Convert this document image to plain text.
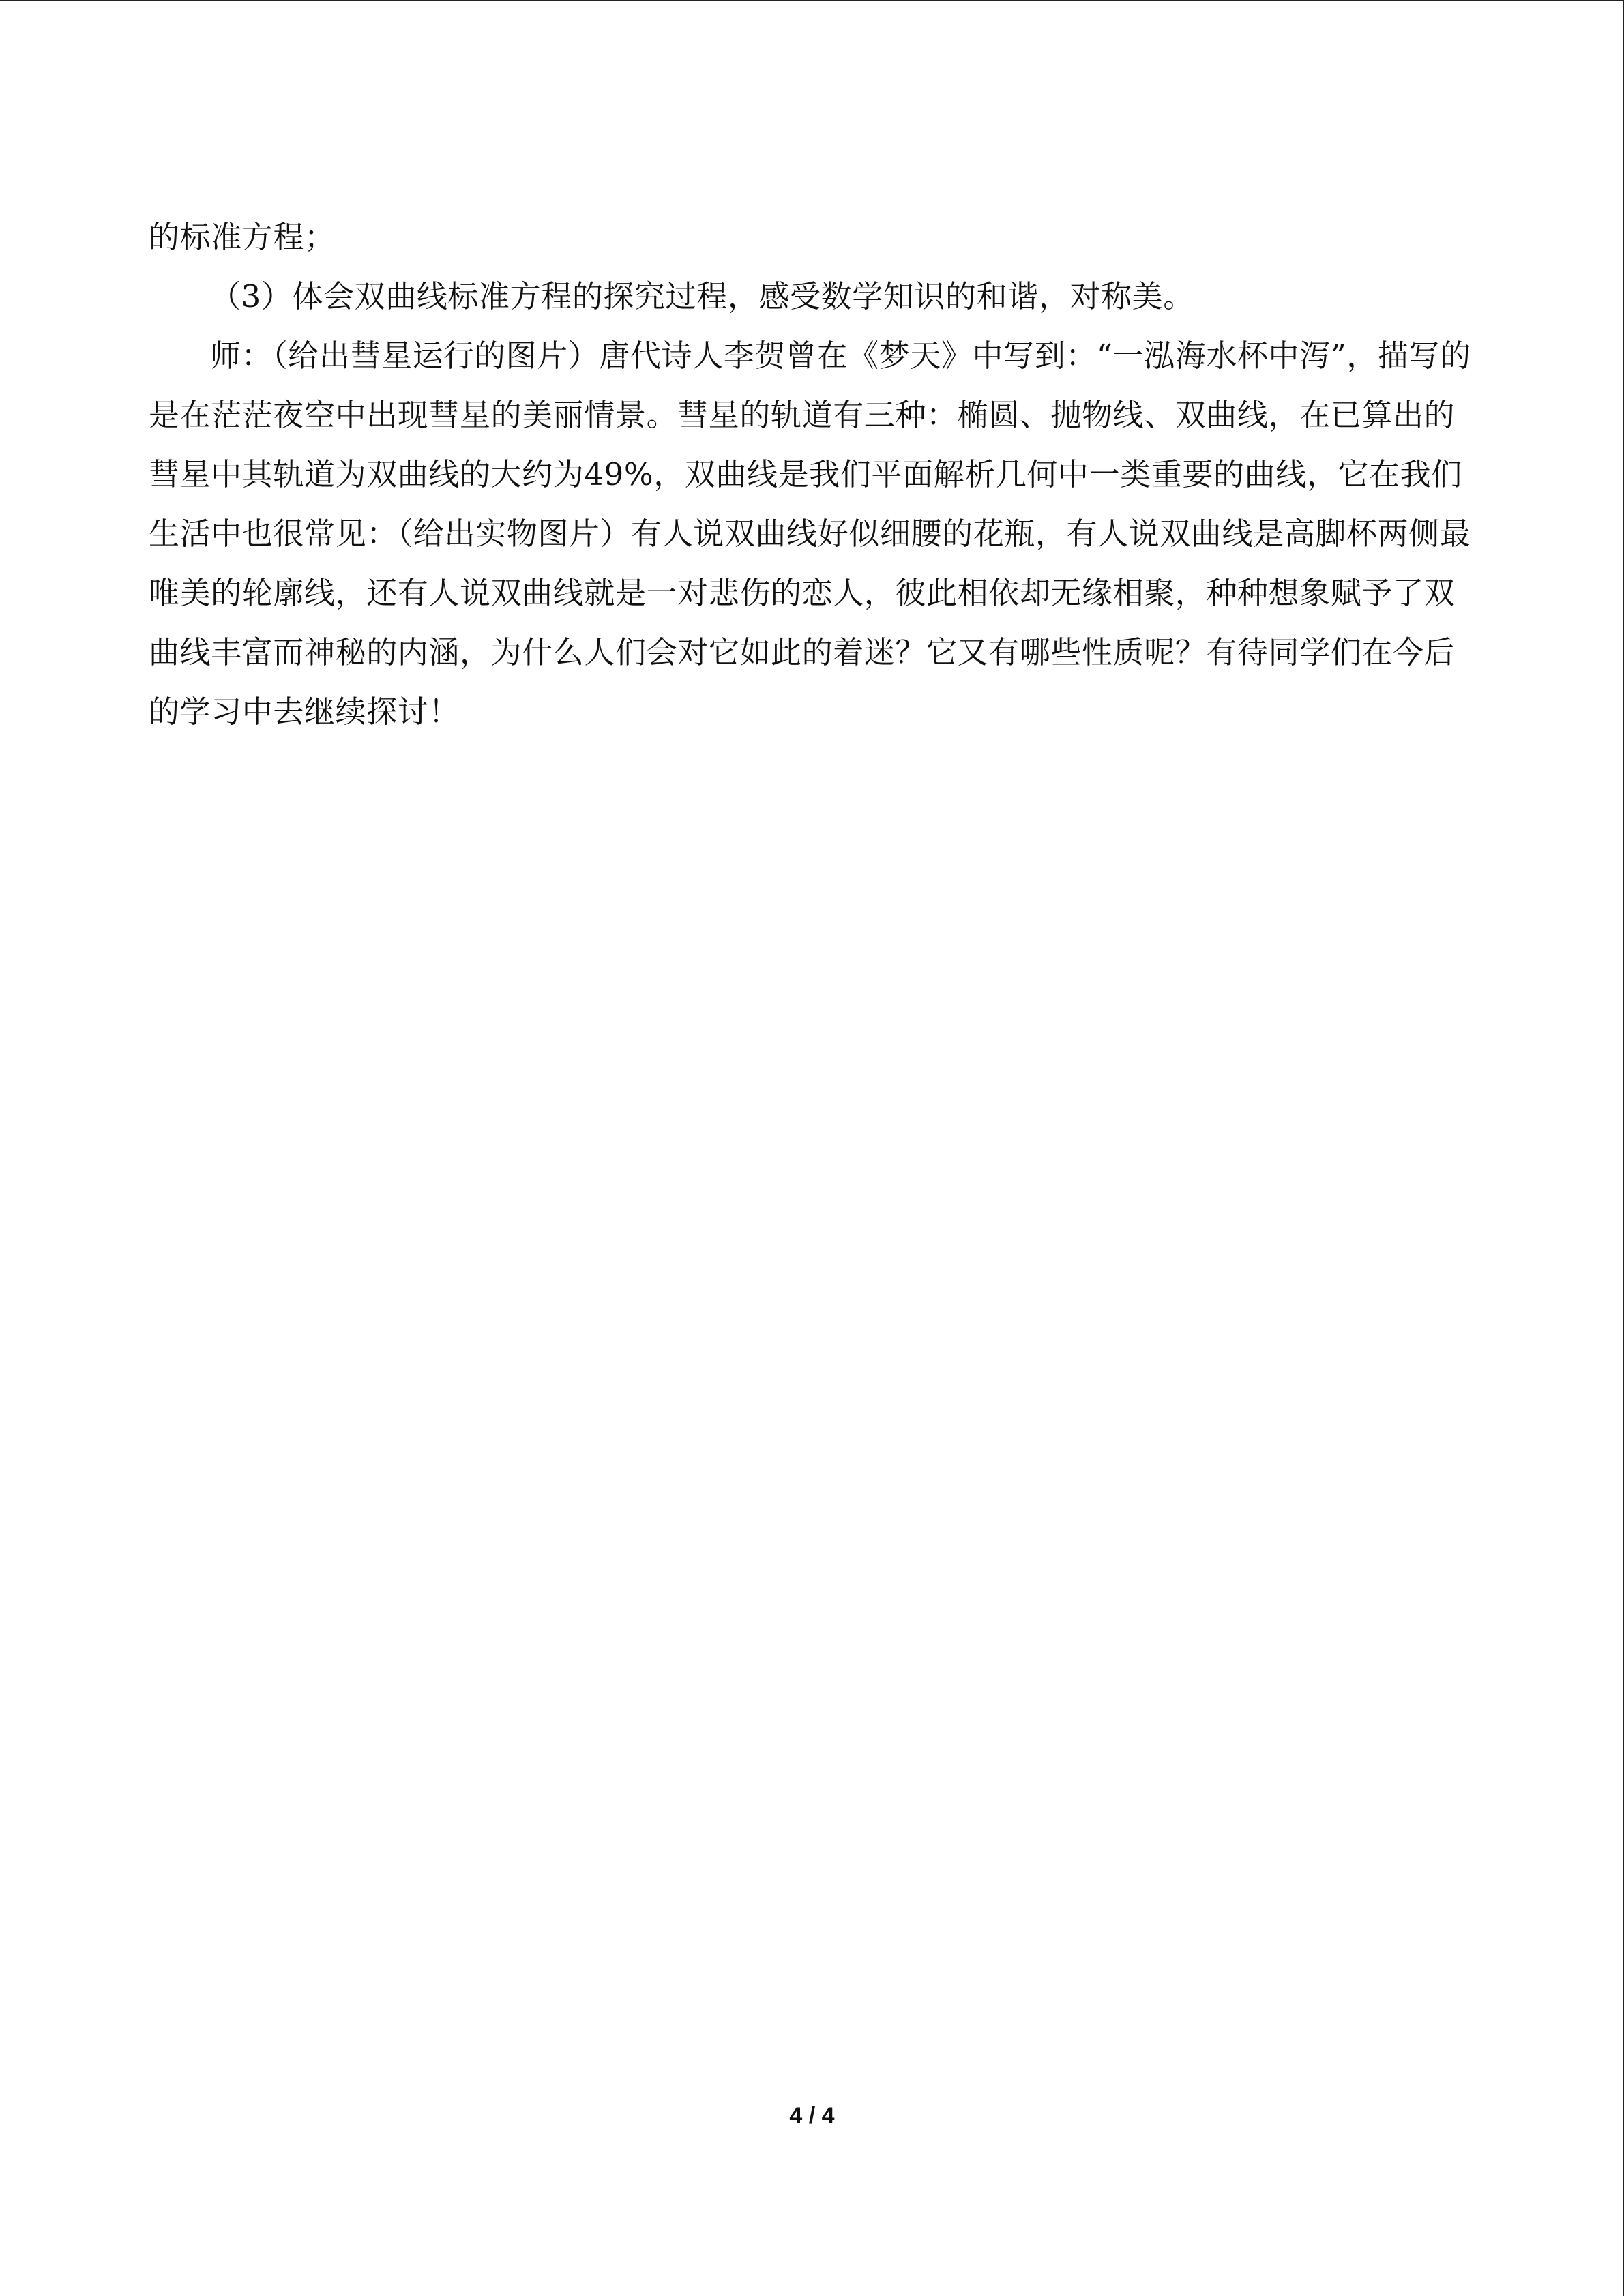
的标准方程；

（3）体会双曲线标准方程的探究过程，感受数学知识的和谐，对称美。

师：（给出彗星运行的图片）唐代诗人李贺曾在《梦天》中写到：“一泓海水杯中泻”，描写的是在茫茫夜空中出现彗星的美丽情景。彗星的轨道有三种：椭圆、抛物线、双曲线，在已算出的彗星中其轨道为双曲线的大约为49%，双曲线是我们平面解析几何中一类重要的曲线，它在我们生活中也很常见：（给出实物图片）有人说双曲线好似细腰的花瓶，有人说双曲线是高脚杯两侧最唯美的轮廓线，还有人说双曲线就是一对悲伤的恋人，彼此相依却无缘相聚，种种想象赋予了双曲线丰富而神秘的内涵，为什么人们会对它如此的着迷？它又有哪些性质呢？有待同学们在今后的学习中去继续探讨！

4 / 4
